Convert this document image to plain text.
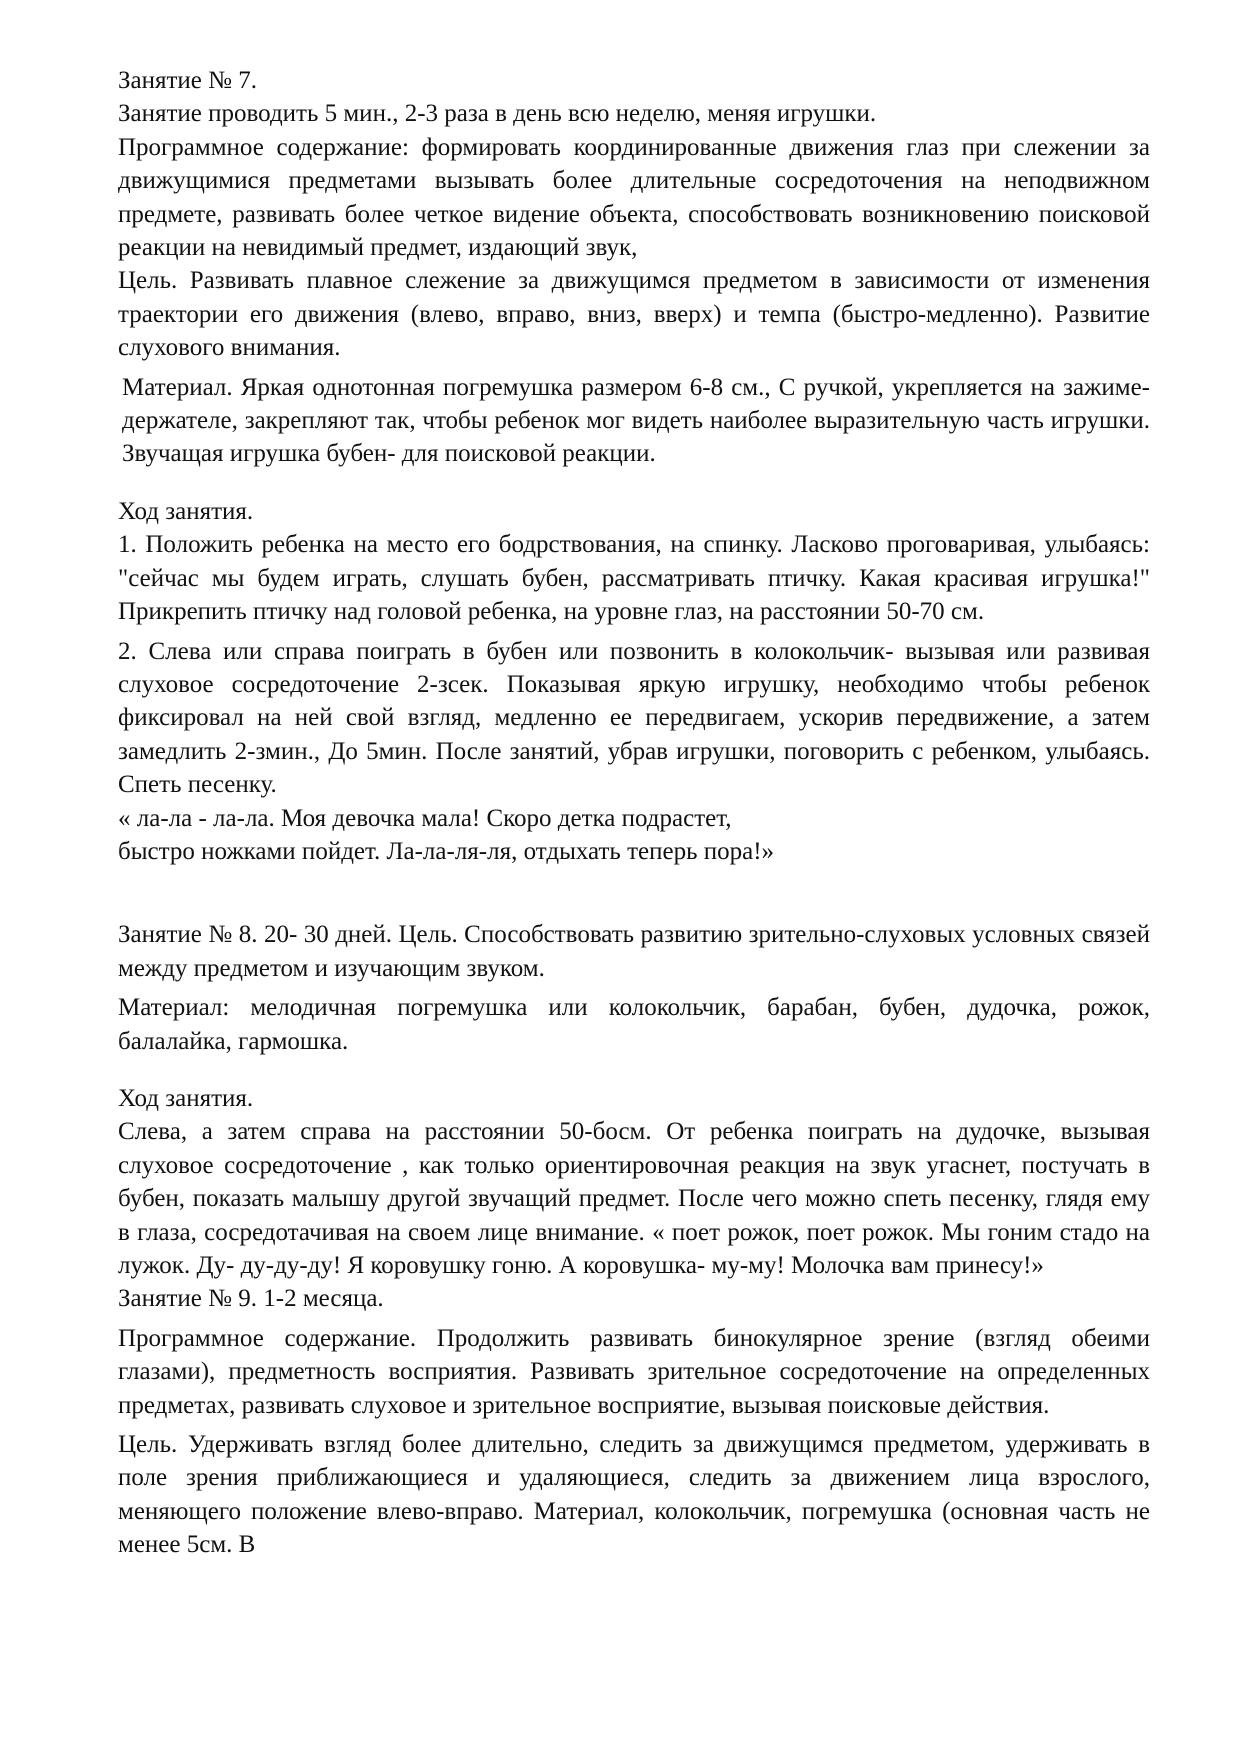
Занятие № 7.

Занятие проводить 5 мин., 2-3 раза в день всю неделю, меняя игрушки.

Программное содержание: формировать координированные движения глаз при слежении за движущимися предметами вызывать более длительные сосредоточения на неподвижном предмете, развивать более четкое видение объекта, способствовать возникновению поисковой реакции на невидимый предмет, издающий звук,

Цель. Развивать плавное слежение за движущимся предметом в зависимости от изменения траектории его движения (влево, вправо, вниз, вверх) и темпа (быстро-медленно). Развитие слухового внимания.

Материал. Яркая однотонная погремушка размером 6-8 см., С ручкой, укрепляется на зажиме-держателе, закрепляют так, чтобы ребенок мог видеть наиболее выразительную часть игрушки. Звучащая игрушка бубен- для поисковой реакции.

Ход занятия.

1. Положить ребенка на место его бодрствования, на спинку. Ласково проговаривая, улыбаясь: "сейчас мы будем играть, слушать бубен, рассматривать птичку. Какая красивая игрушка!" Прикрепить птичку над головой ребенка, на уровне глаз, на расстоянии 50-70 см.

2. Слева или справа поиграть в бубен или позвонить в колокольчик- вызывая или развивая слуховое сосредоточение 2-зсек. Показывая яркую игрушку, необходимо чтобы ребенок фиксировал на ней свой взгляд, медленно ее передвигаем, ускорив передвижение, а затем замедлить 2-змин., До 5мин. После занятий, убрав игрушки, поговорить с ребенком, улыбаясь. Спеть песенку.

« ла-ла - ла-ла. Моя девочка мала! Скоро детка подрастет,

быстро ножками пойдет. Ла-ла-ля-ля, отдыхать теперь пора!»

Занятие № 8. 20- 30 дней. Цель. Способствовать развитию зрительно-слуховых условных связей между предметом и изучающим звуком.

Материал: мелодичная погремушка или колокольчик, барабан, бубен, дудочка, рожок, балалайка, гармошка.

Ход занятия.

Слева, а затем справа на расстоянии 50-босм. От ребенка поиграть на дудочке, вызывая слуховое сосредоточение , как только ориентировочная реакция на звук угаснет, постучать в бубен, показать малышу другой звучащий предмет. После чего можно спеть песенку, глядя ему в глаза, сосредотачивая на своем лице внимание. « поет рожок, поет рожок. Мы гоним стадо на лужок. Ду- ду-ду-ду! Я коровушку гоню. А коровушка- му-му! Молочка вам принесу!»

Занятие № 9. 1-2 месяца.

Программное содержание. Продолжить развивать бинокулярное зрение (взгляд обеими глазами), предметность восприятия. Развивать зрительное сосредоточение на определенных предметах, развивать слуховое и зрительное восприятие, вызывая поисковые действия.

Цель. Удерживать взгляд более длительно, следить за движущимся предметом, удерживать в поле зрения приближающиеся и удаляющиеся, следить за движением лица взрослого, меняющего положение влево-вправо. Материал, колокольчик, погремушка (основная часть не менее 5см. В
